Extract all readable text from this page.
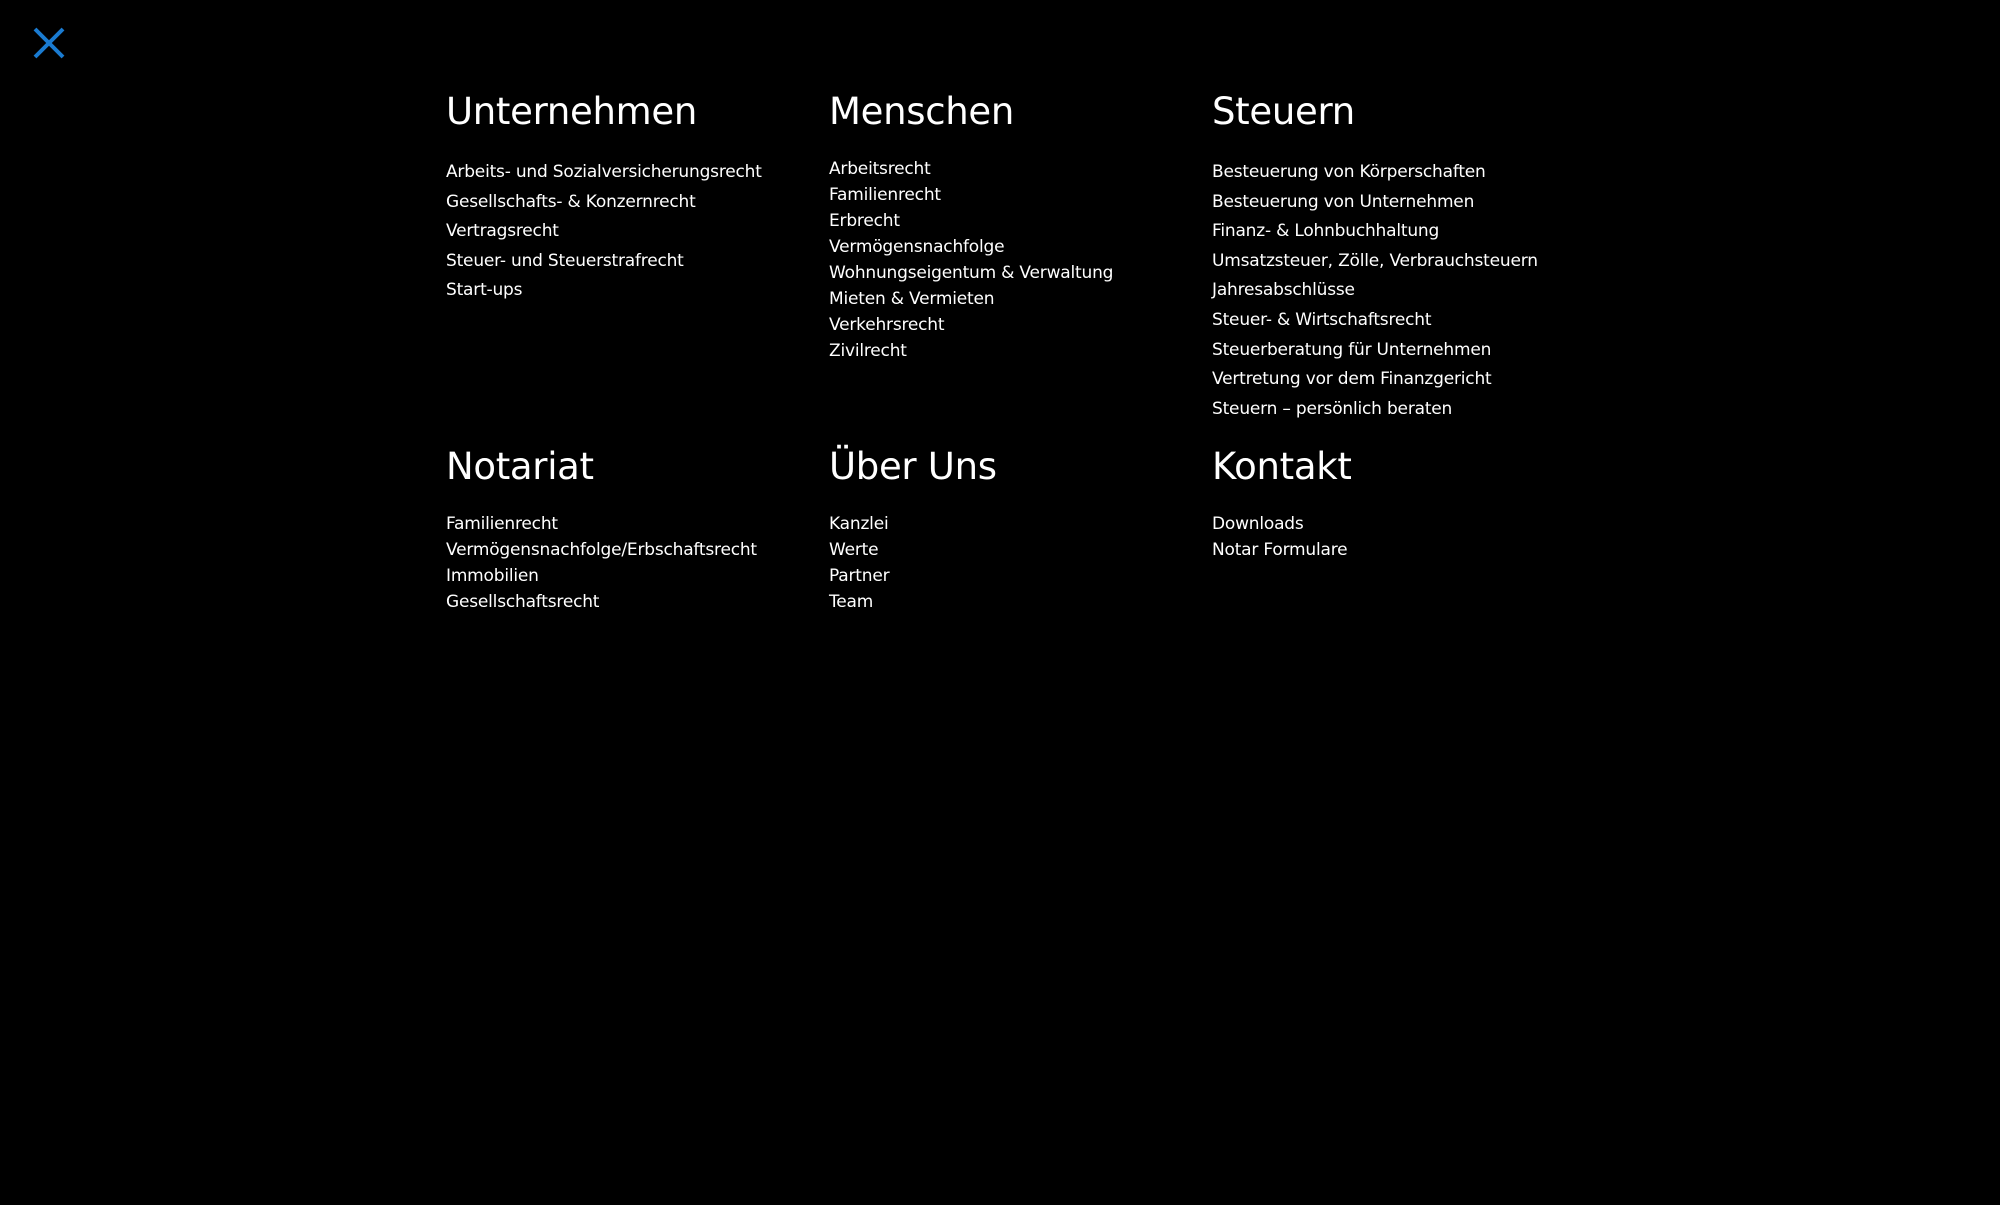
Unternehmen
Arbeits- und Sozialversicherungsrecht
Gesellschafts- & Konzernrecht
Vertragsrecht
Steuer- und Steuerstrafrecht
Start-ups
Menschen
Arbeitsrecht
Familienrecht
Erbrecht
Vermögensnachfolge
Wohnungseigentum & Verwaltung
Mieten & Vermieten
Verkehrsrecht
Zivilrecht
Steuern
Besteuerung von Körperschaften
Besteuerung von Unternehmen
Finanz- & Lohnbuchhaltung
Umsatzsteuer, Zölle, Verbrauchsteuern
Jahresabschlüsse
Steuer- & Wirtschaftsrecht
Steuerberatung für Unternehmen
Vertretung vor dem Finanzgericht
Steuern – persönlich beraten
Notariat
Familienrecht
Vermögensnachfolge/Erbschaftsrecht
Immobilien
Gesellschaftsrecht
Über Uns
Kanzlei
Werte
Partner
Team
Kontakt
Downloads
Notar Formulare
